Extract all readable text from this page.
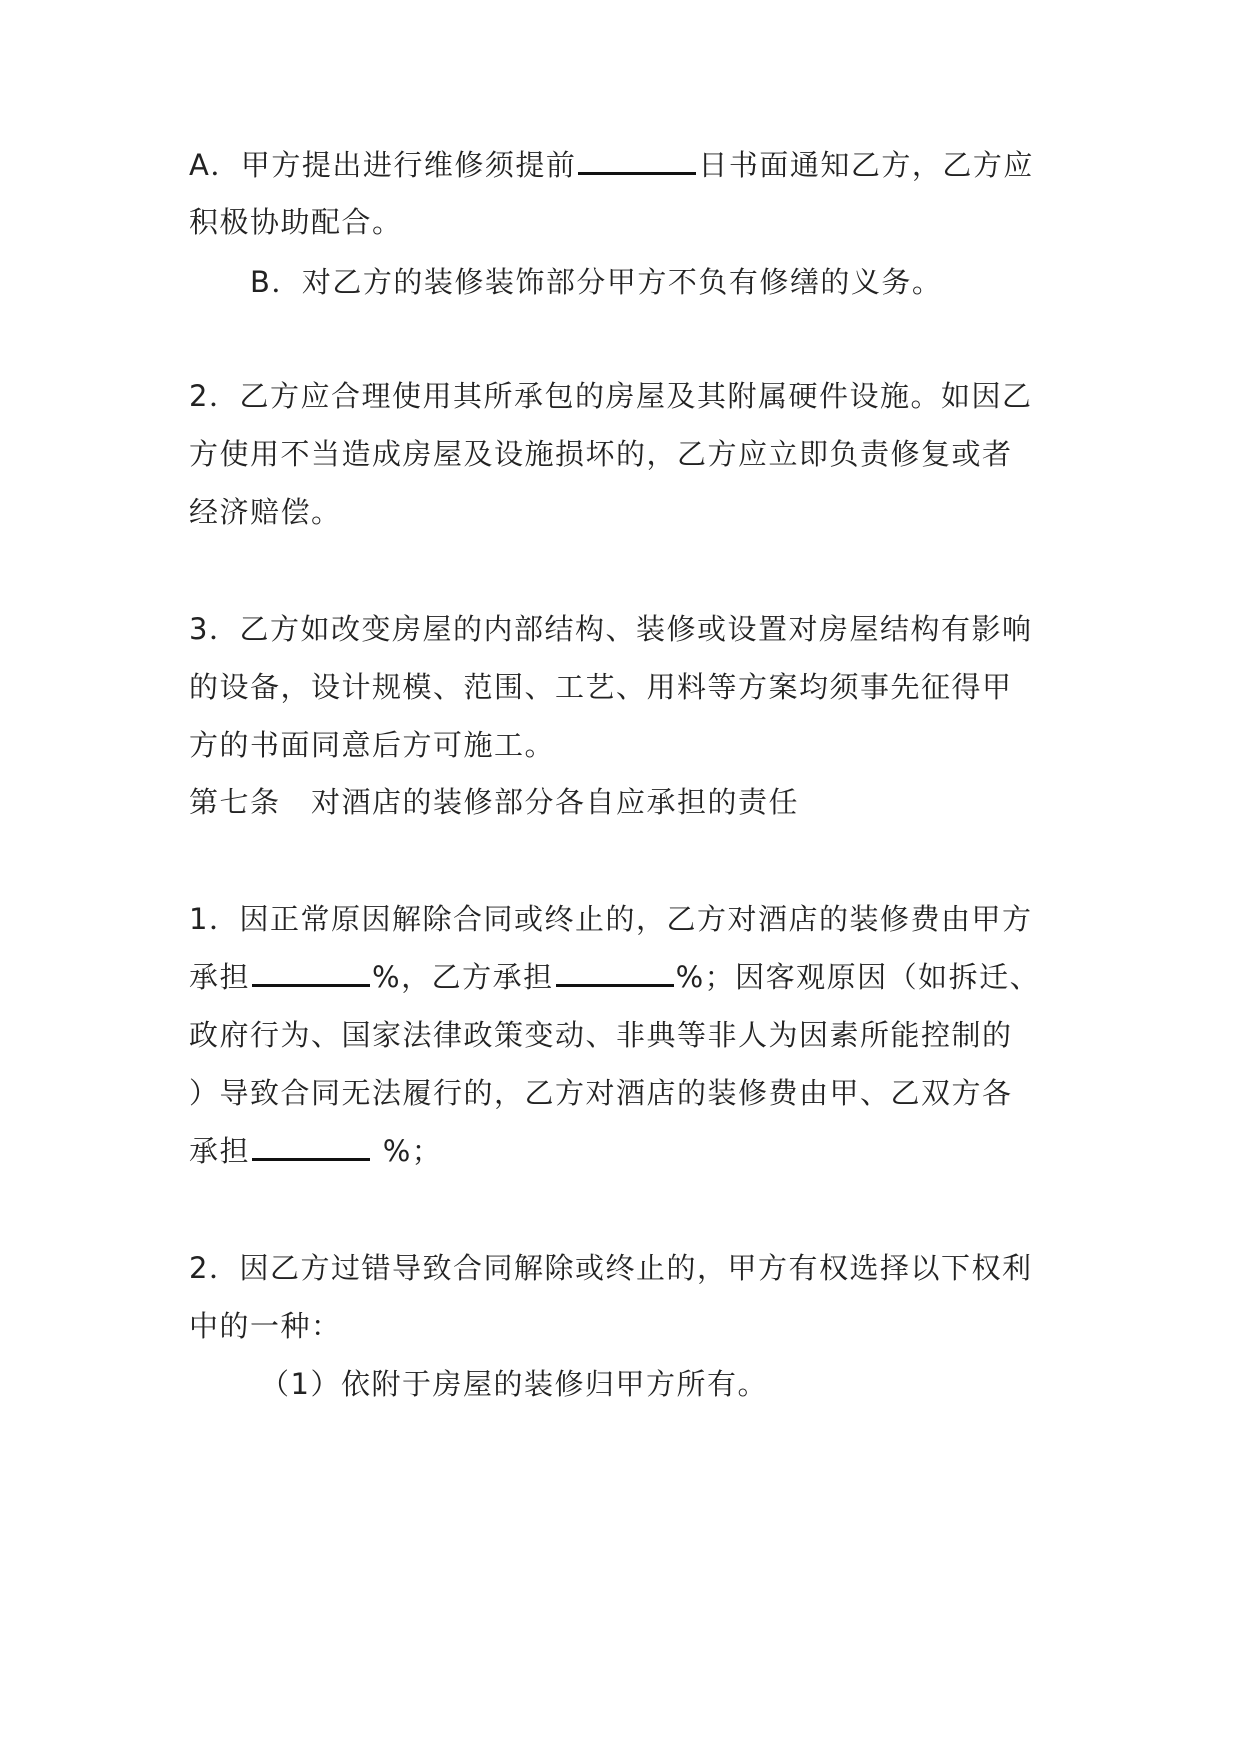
A．甲方提出进行维修须提前	日书面通知乙方，乙方应
积极协助配合。
B．对乙方的装修装饰部分甲方不负有修缮的义务。
2．乙方应合理使用其所承包的房屋及其附属硬件设施。如因乙
方使用不当造成房屋及设施损坏的，乙方应立即负责修复或者
经济赔偿。
3．乙方如改变房屋的内部结构、装修或设置对房屋结构有影响
的设备，设计规模、范围、工艺、用料等方案均须事先征得甲
方的书面同意后方可施工。
第七条　对酒店的装修部分各自应承担的责任
1．因正常原因解除合同或终止的，乙方对酒店的装修费由甲方
承担	%，乙方承担	%；因客观原因（如拆迁、
政府行为、国家法律政策变动、非典等非人为因素所能控制的
）导致合同无法履行的，乙方对酒店的装修费由甲、乙双方各
承担	%；
2．因乙方过错导致合同解除或终止的，甲方有权选择以下权利
中的一种：
（1）依附于房屋的装修归甲方所有。
